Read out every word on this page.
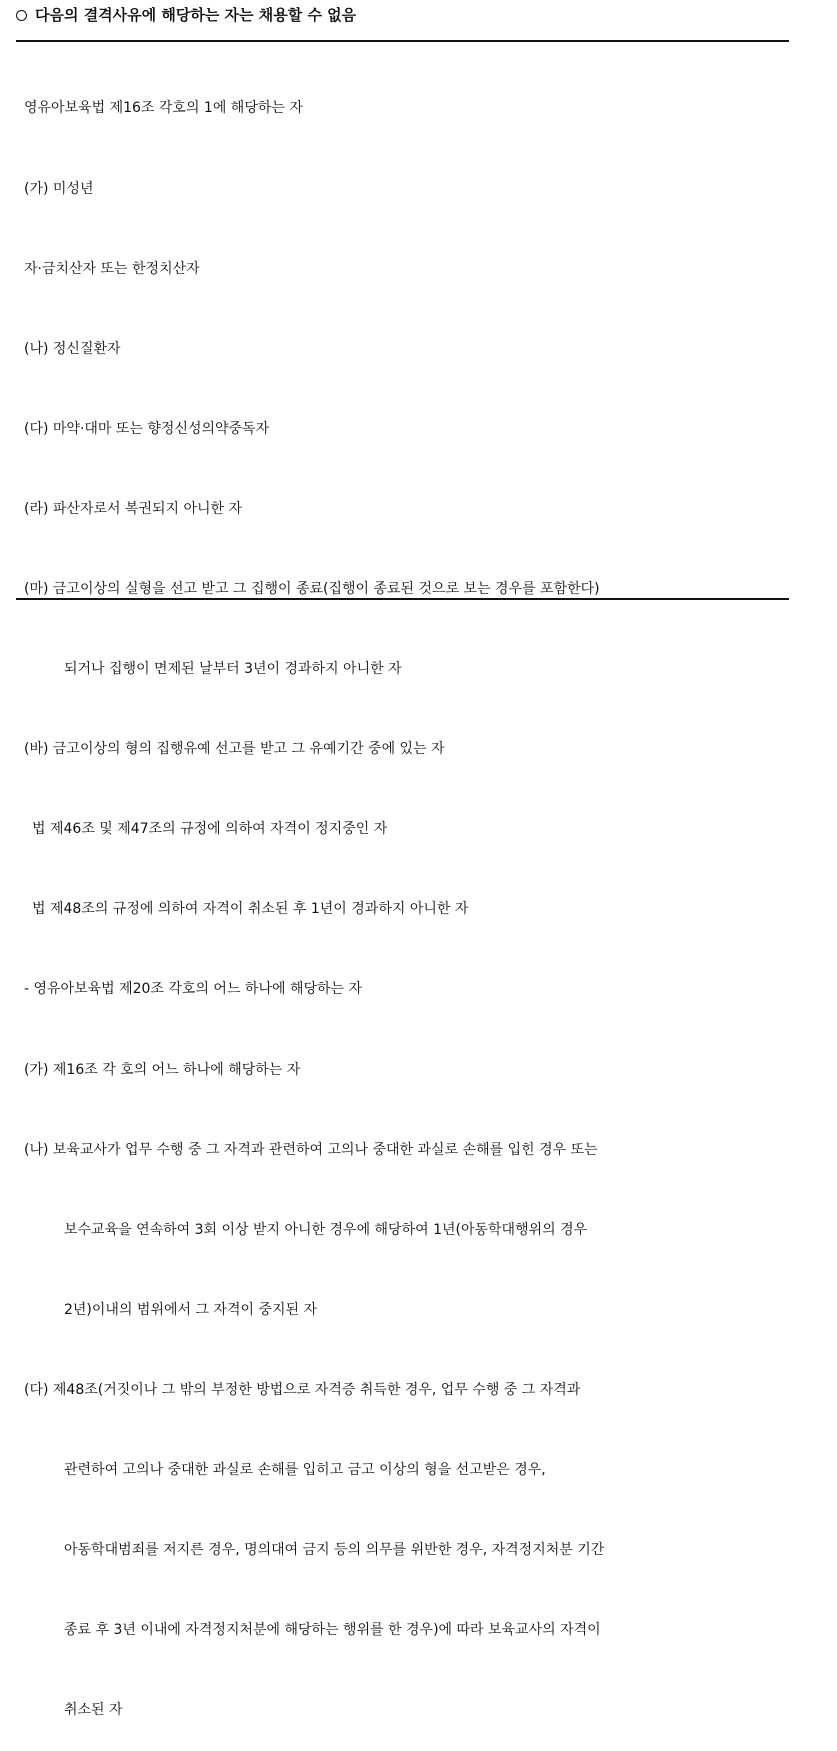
다음의 결격사유에 해당하는 자는 채용할 수 없음

영유아보육법 제16조 각호의 1에 해당하는 자

(가) 미성년

자·금치산자 또는 한정치산자

(나) 정신질환자

(다) 마약·대마 또는 향정신성의약중독자

(라) 파산자로서 복권되지 아니한 자

(마) 금고이상의 실형을 선고 받고 그 집행이 종료(집행이 종료된 것으로 보는 경우를 포함한다)

되거나 집행이 면제된 날부터 3년이 경과하지 아니한 자

(바) 금고이상의 형의 집행유예 선고를 받고 그 유예기간 중에 있는 자

법 제46조 및 제47조의 규정에 의하여 자격이 정지중인 자

법 제48조의 규정에 의하여 자격이 취소된 후 1년이 경과하지 아니한 자

- 영유아보육법 제20조 각호의 어느 하나에 해당하는 자

(가) 제16조 각 호의 어느 하나에 해당하는 자

(나) 보육교사가 업무 수행 중 그 자격과 관련하여 고의나 중대한 과실로 손해를 입힌 경우 또는

보수교육을 연속하여 3회 이상 받지 아니한 경우에 해당하여 1년(아동학대행위의 경우

2년)이내의 범위에서 그 자격이 중지된 자

(다) 제48조(거짓이나 그 밖의 부정한 방법으로 자격증 취득한 경우, 업무 수행 중 그 자격과

관련하여 고의나 중대한 과실로 손해를 입히고 금고 이상의 형을 선고받은 경우,

아동학대범죄를 저지른 경우, 명의대여 금지 등의 의무를 위반한 경우, 자격정지처분 기간

종료 후 3년 이내에 자격정지처분에 해당하는 행위를 한 경우)에 따라 보육교사의 자격이

취소된 자
